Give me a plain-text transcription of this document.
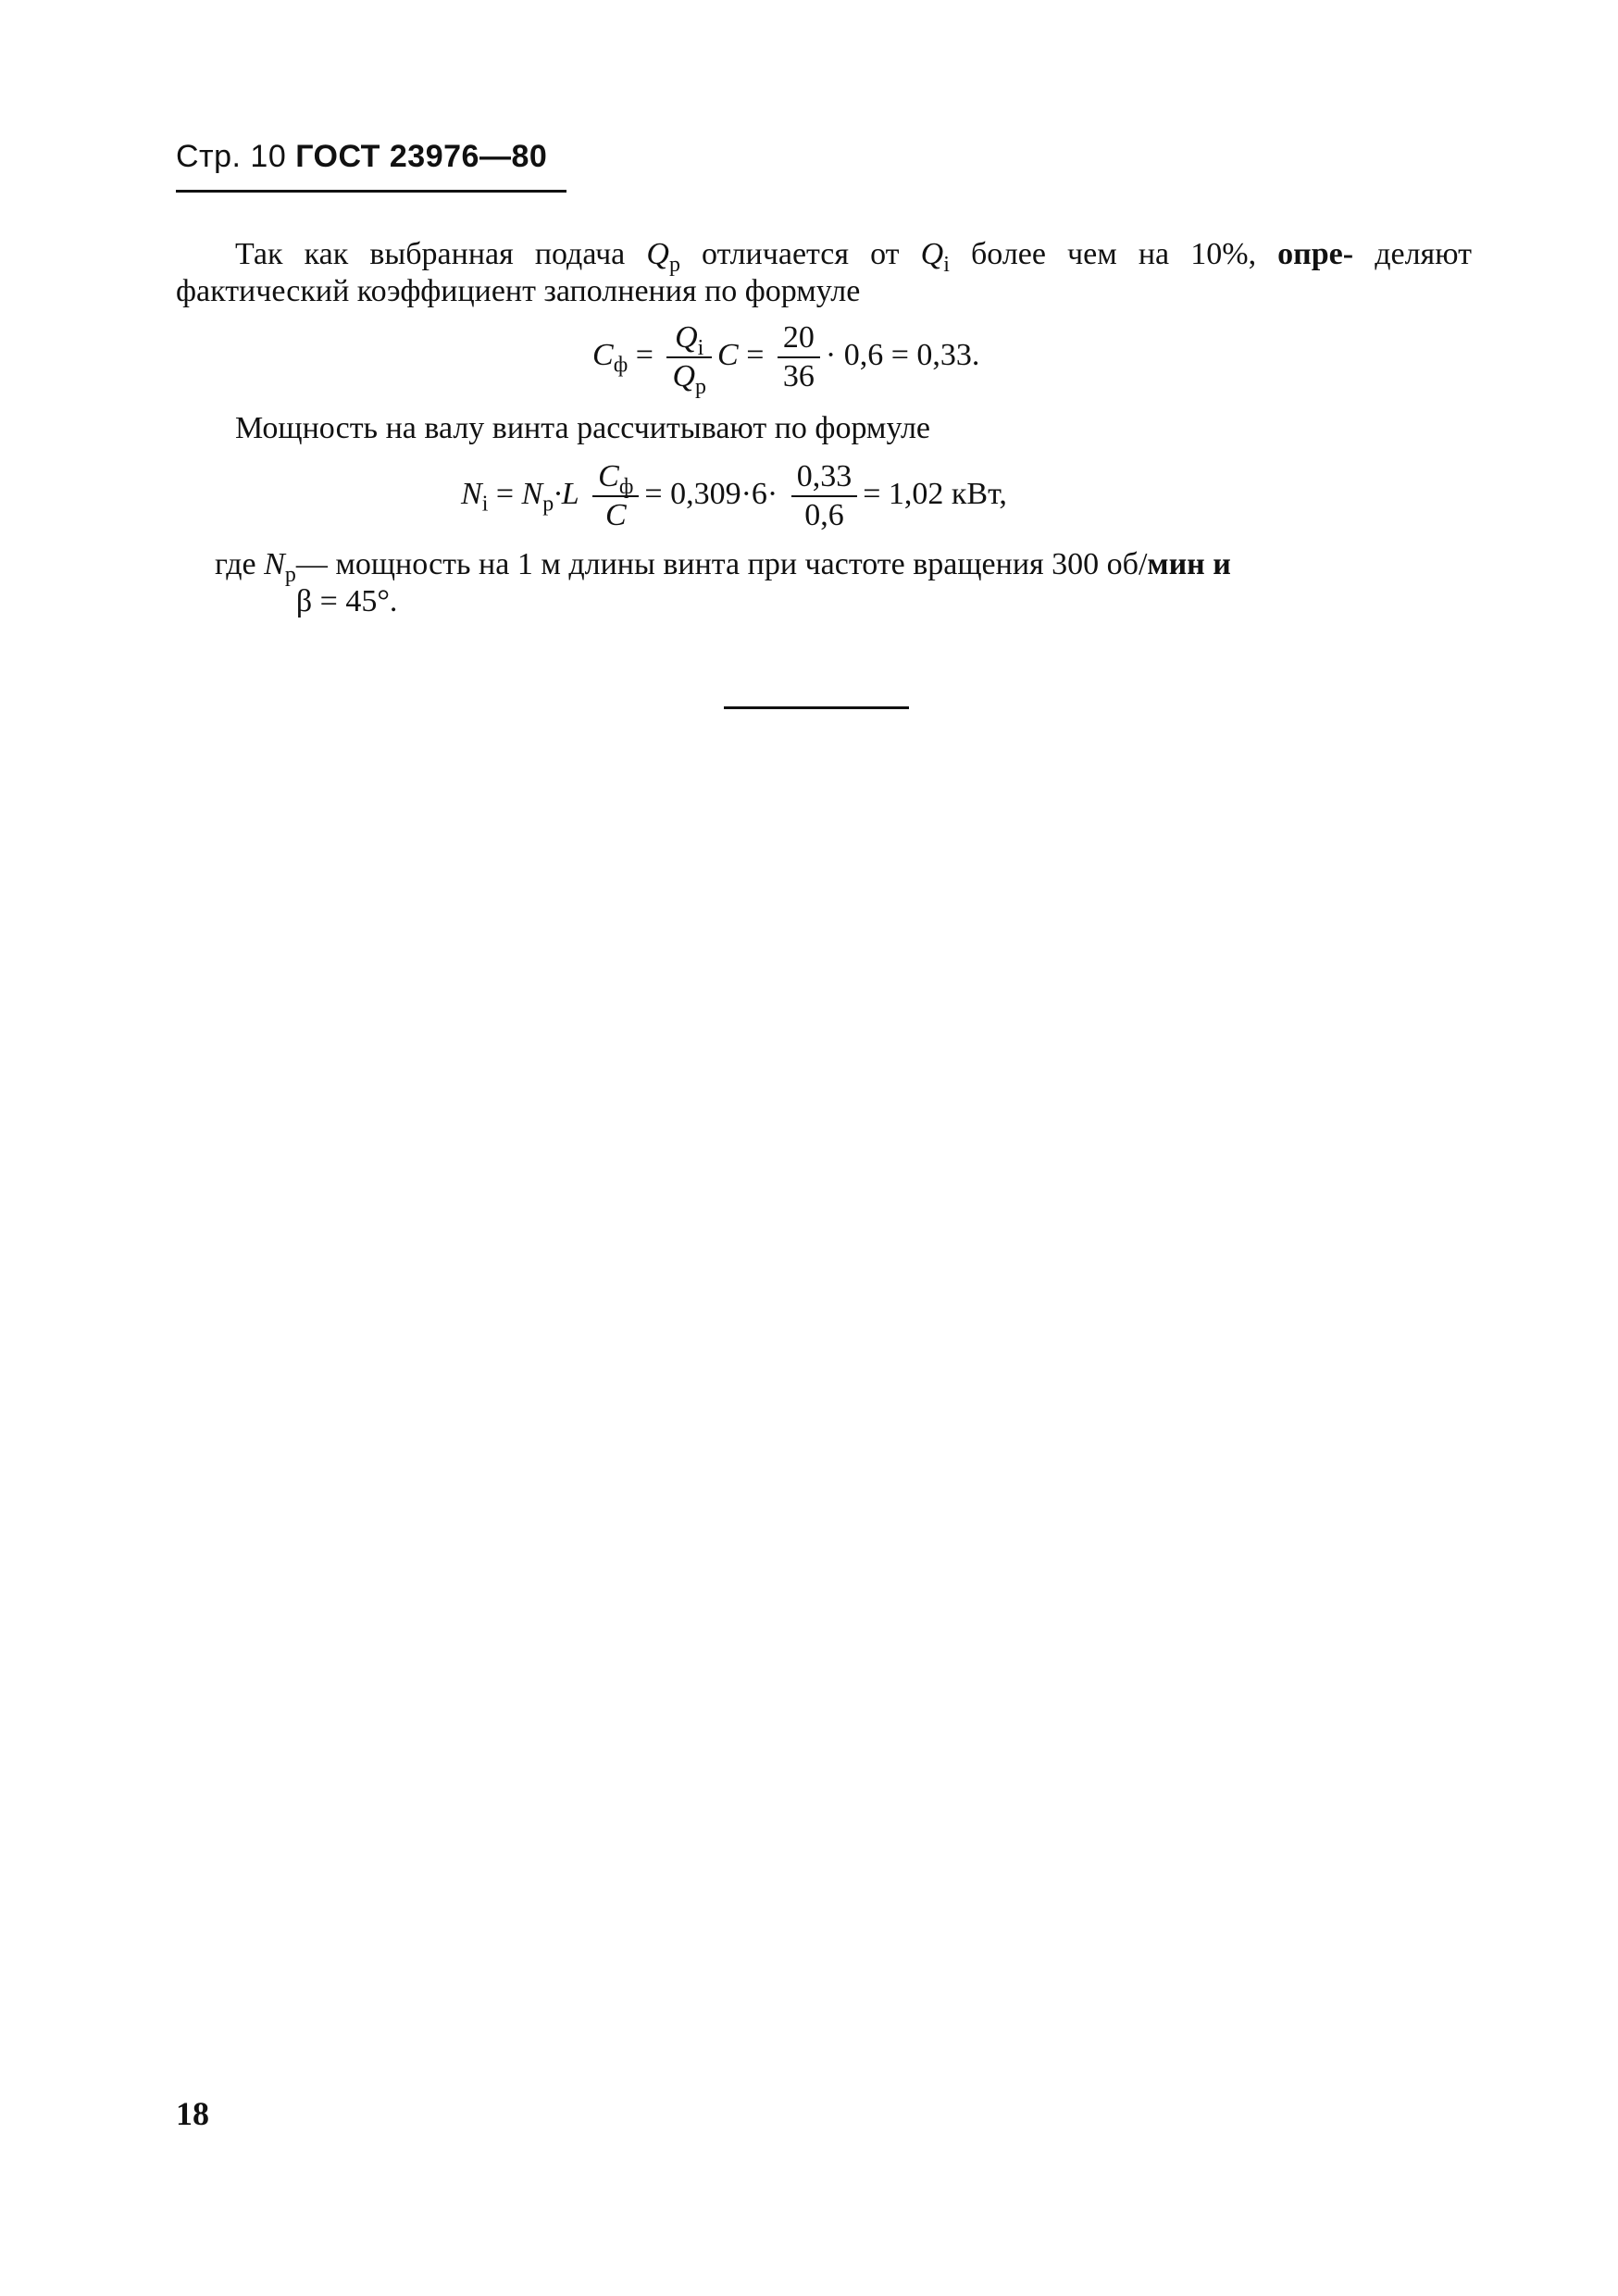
Стр. 10 ГОСТ 23976—80
Так как выбранная подача $Q_р$ отличается от $Q_i$ более чем на 10%, опре- деляют фактический коэффициент заполнения по формуле
$C_ф = \frac{Q_i}{Q_р}$ $C = \frac{20}{36} \cdot 0,6 = 0,33$.
Мощность на валу винта рассчитывают по формуле
$N_i = N_р\cdot L \frac{C_ф}{C} = 0,309\cdot 6\cdot \frac{0,33}{0,6} = 1,02$ кВт,
где $N_р—$ мощность на 1 м длины винта при частоте вращения 300 об/мин и
β = 45°.
18
